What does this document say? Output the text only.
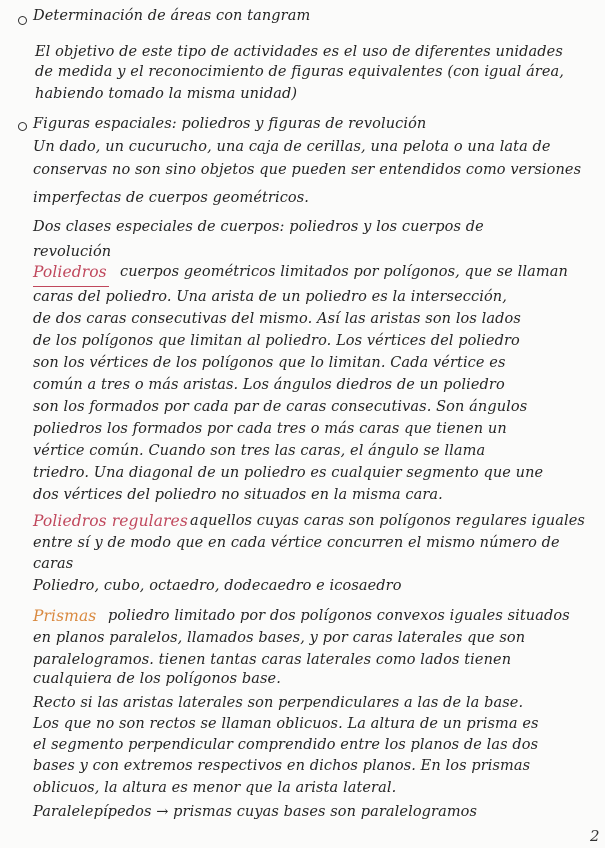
Determinación de áreas con tangram
El objetivo de este tipo de actividades es el uso de diferentes unidades
de medida y el reconocimiento de figuras equivalentes (con igual área,
habiendo tomado la misma unidad)
Figuras espaciales: poliedros y figuras de revolución
Un dado, un cucurucho, una caja de cerillas, una pelota o una lata de
conservas no son sino objetos que pueden ser entendidos como versiones
imperfectas de cuerpos geométricos.
Dos clases especiales de cuerpos: poliedros y los cuerpos de
revolución
Poliedros cuerpos geométricos limitados por polígonos, que se llaman
caras del poliedro. Una arista de un poliedro es la intersección,
de dos caras consecutivas del mismo. Así las aristas son los lados
de los polígonos que limitan al poliedro. Los vértices del poliedro
son los vértices de los polígonos que lo limitan. Cada vértice es
común a tres o más aristas. Los ángulos diedros de un poliedro
son los formados por cada par de caras consecutivas. Son ángulos
poliedros los formados por cada tres o más caras que tienen un
vértice común. Cuando son tres las caras, el ángulo se llama
triedro. Una diagonal de un poliedro es cualquier segmento que une
dos vértices del poliedro no situados en la misma cara.
Poliedros regulares aquellos cuyas caras son polígonos regulares iguales
entre sí y de modo que en cada vértice concurren el mismo número de
caras
Poliedro, cubo, octaedro, dodecaedro e icosaedro
Prismas poliedro limitado por dos polígonos convexos iguales situados
en planos paralelos, llamados bases, y por caras laterales que son
paralelogramos. tienen tantas caras laterales como lados tienen
cualquiera de los polígonos base.
Recto si las aristas laterales son perpendiculares a las de la base.
Los que no son rectos se llaman oblicuos. La altura de un prisma es
el segmento perpendicular comprendido entre los planos de las dos
bases y con extremos respectivos en dichos planos. En los prismas
oblicuos, la altura es menor que la arista lateral.
Paralelepípedos → prismas cuyas bases son paralelogramos
2
